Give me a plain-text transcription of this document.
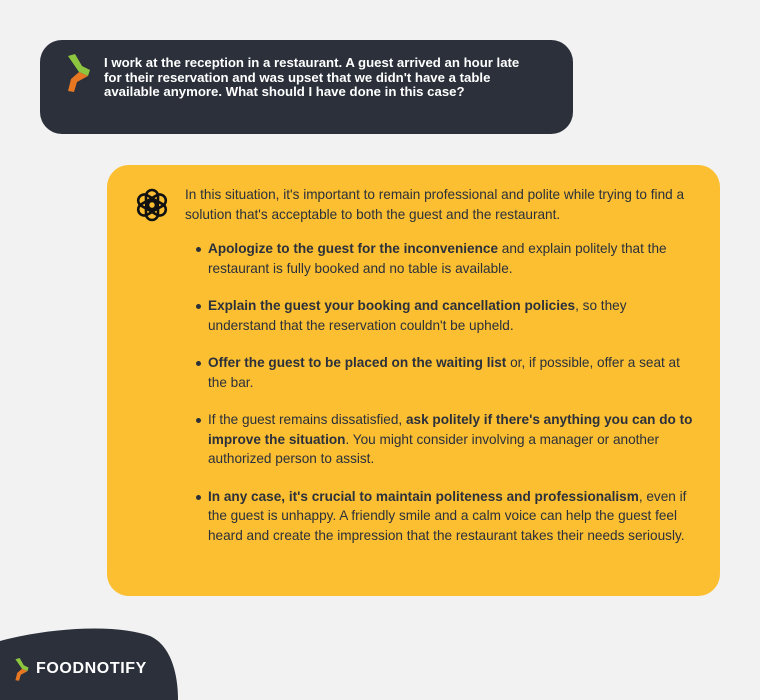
I work at the reception in a restaurant. A guest arrived an hour late for their reservation and was upset that we didn't have a table available anymore. What should I have done in this case?
In this situation, it's important to remain professional and polite while trying to find a solution that's acceptable to both the guest and the restaurant.
Apologize to the guest for the inconvenience and explain politely that the restaurant is fully booked and no table is available.
Explain the guest your booking and cancellation policies, so they understand that the reservation couldn't be upheld.
Offer the guest to be placed on the waiting list or, if possible, offer a seat at the bar.
If the guest remains dissatisfied, ask politely if there's anything you can do to improve the situation. You might consider involving a manager or another authorized person to assist.
In any case, it's crucial to maintain politeness and professionalism, even if the guest is unhappy. A friendly smile and a calm voice can help the guest feel heard and create the impression that the restaurant takes their needs seriously.
FOODNOTIFY
